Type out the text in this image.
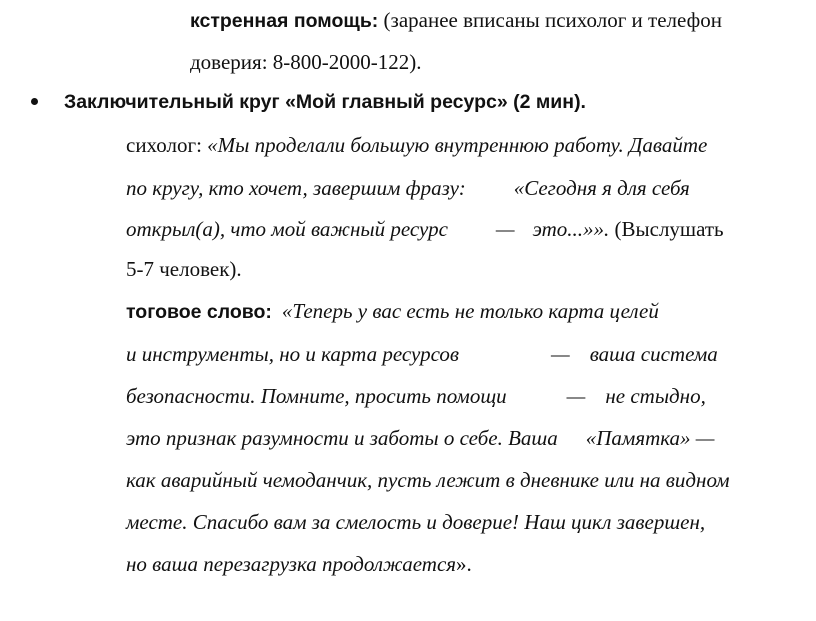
кстренная помощь: (заранее вписаны психолог и телефон
доверия: 8-800-2000-122).
Заключительный круг «Мой главный ресурс» (2 мин).
сихолог: «Мы проделали большую внутреннюю работу. Давайте
по кругу, кто хочет, завершим фразу: «Сегодня я для себя
открыл(а), что мой важный ресурс — это...»». (Выслушать
5-7 человек).
тоговое слово: «Теперь у вас есть не только карта целей
и инструменты, но и карта ресурсов	— ваша система
безопасности. Помните, просить помощи	— не стыдно,
это признак разумности и заботы о себе. Ваша «Памятка» —
как аварийный чемоданчик, пусть лежит в дневнике или на видном
месте. Спасибо вам за смелость и доверие! Наш цикл завершен,
но ваша перезагрузка продолжается».
